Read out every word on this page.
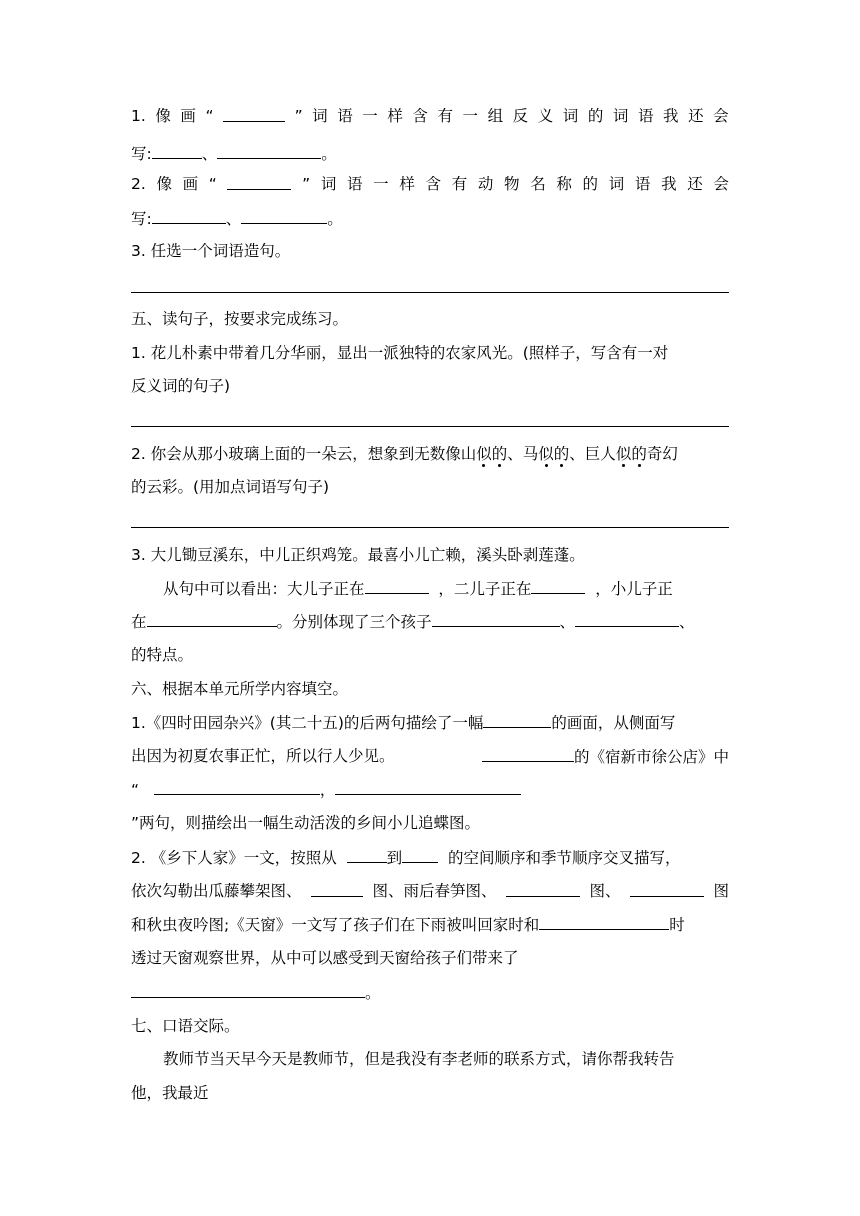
1. 像 画 “	” 词 语 一 样 含 有 一 组 反 义 词 的 词 语 我 还 会
写:	、	。
2. 像 画 “	” 词 语 一 样 含 有 动 物 名 称 的 词 语 我 还 会
写:	、	。
3. 任选一个词语造句。
五、读句子，按要求完成练习。
1. 花儿朴素中带着几分华丽，显出一派独特的农家风光。(照样子，写含有一对
反义词的句子)
2. 你会从那小玻璃上面的一朵云，想象到无数像山似的、马似的、巨人似的奇幻
的云彩。(用加点词语写句子)
3. 大儿锄豆溪东，中儿正织鸡笼。最喜小儿亡赖，溪头卧剥莲蓬。
从句中可以看出：大儿子正在	，二儿子正在	，小儿子正
在	。分别体现了三个孩子	、	、
的特点。
六、根据本单元所学内容填空。
1.《四时田园杂兴》(其二十五)的后两句描绘了一幅	的画面，从侧面写
出因为初夏农事正忙，所以行人少见。	的《宿新市徐公店》中
“	，
”两句，则描绘出一幅生动活泼的乡间小儿追蝶图。
2. 《乡下人家》一文，按照从	到	的空间顺序和季节顺序交叉描写，
依次勾勒出瓜藤攀架图、	图、雨后春笋图、	图、	图
和秋虫夜吟图;《天窗》一文写了孩子们在下雨被叫回家时和	时
透过天窗观察世界，从中可以感受到天窗给孩子们带来了
。
七、口语交际。
教师节当天早今天是教师节，但是我没有李老师的联系方式，请你帮我转告
他，我最近
